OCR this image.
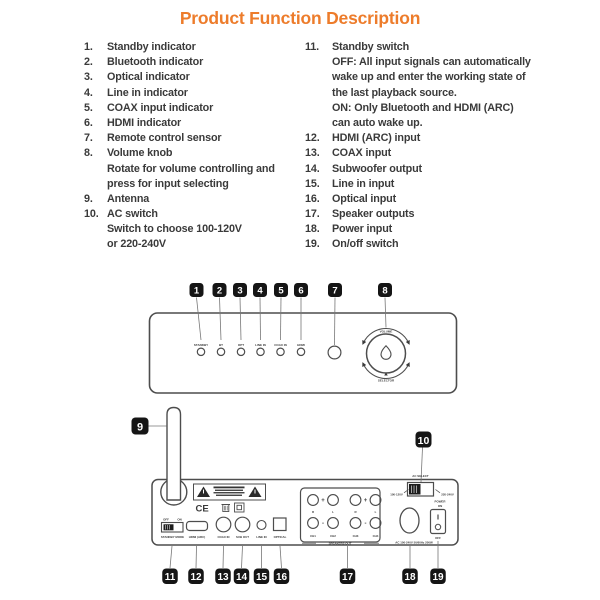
Product Function Description
1.	Standby indicator
2.	Bluetooth indicator
3.	Optical indicator
4.	Line in indicator
5.	COAX input indicator
6.	HDMI indicator
7.	Remote control sensor
8.	Volume knob
Rotate for volume controlling and
press for input selecting
9.	Antenna
10. AC switch
Switch to choose 100-120V
or 220-240V
11.	Standby switch
OFF: All input signals can automatically
wake up and enter the working state of
the last playback source.
ON: Only Bluetooth and HDMI (ARC)
can auto wake up.
12.	HDMI (ARC) input
13.	COAX input
14.	Subwoofer output
15.	Line in input
16.	Optical input
17.	Speaker outputs
18.	Power input
19.	On/off switch
1 2 3 4 5 6	7	8
STANDBY	BT	OPT	LINE IN	COAX IN	HDMI
VOLUME
SELECTOR
9
10
CE
OFF	ON
STANDBY MODE HDMI (ARC)	COAX IN SUB OUT	LINE IN OPTICAL
+	+
-	-
R	L	R	L
CH1	CH2	CH3	CH4
SPEAKERS OUT
AC SELECT
100-120V	220-240V
POWER
ON
OFF
AC 100-240V 50/60Hz 200W
11 12 13 14 15 16	17	18 19
